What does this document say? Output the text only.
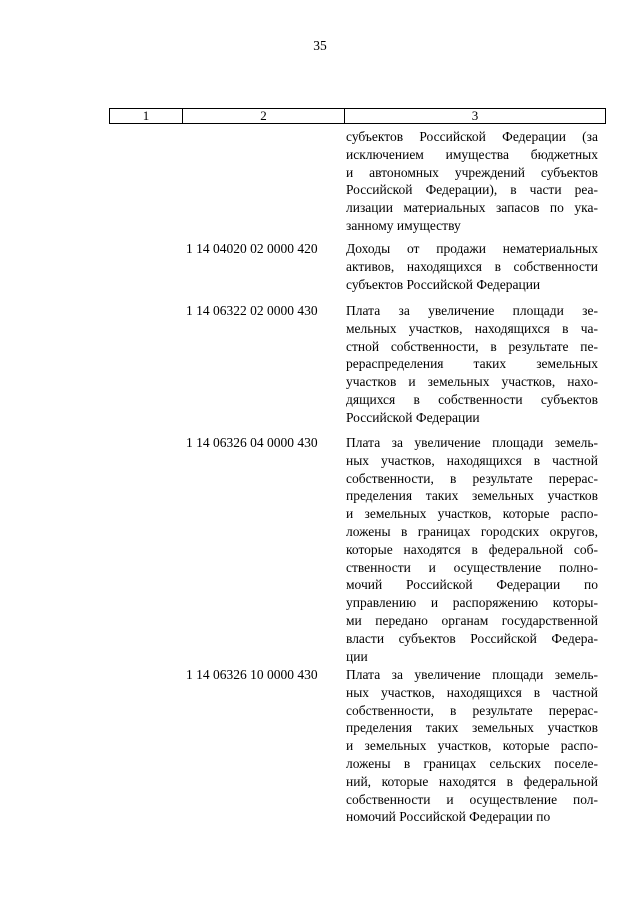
35
1	2	3
субъектов Российской Федерации (за
исключением имущества бюджетных
и автономных учреждений субъектов
Российской Федерации), в части реа-
лизации материальных запасов по ука-
занному имуществу
1 14 04020 02 0000 420	Доходы от продажи нематериальных
активов, находящихся в собственности
субъектов Российской Федерации
1 14 06322 02 0000 430	Плата за увеличение площади зе-
мельных участков, находящихся в ча-
стной собственности, в результате пе-
рераспределения таких земельных
участков и земельных участков, нахо-
дящихся в собственности субъектов
Российской Федерации
1 14 06326 04 0000 430	Плата за увеличение площади земель-
ных участков, находящихся в частной
собственности, в результате перерас-
пределения таких земельных участков
и земельных участков, которые распо-
ложены в границах городских округов,
которые находятся в федеральной соб-
ственности и осуществление полно-
мочий Российской Федерации по
управлению и распоряжению которы-
ми передано органам государственной
власти субъектов Российской Федера-
ции
1 14 06326 10 0000 430	Плата за увеличение площади земель-
ных участков, находящихся в частной
собственности, в результате перерас-
пределения таких земельных участков
и земельных участков, которые распо-
ложены в границах сельских поселе-
ний, которые находятся в федеральной
собственности и осуществление пол-
номочий Российской Федерации по
